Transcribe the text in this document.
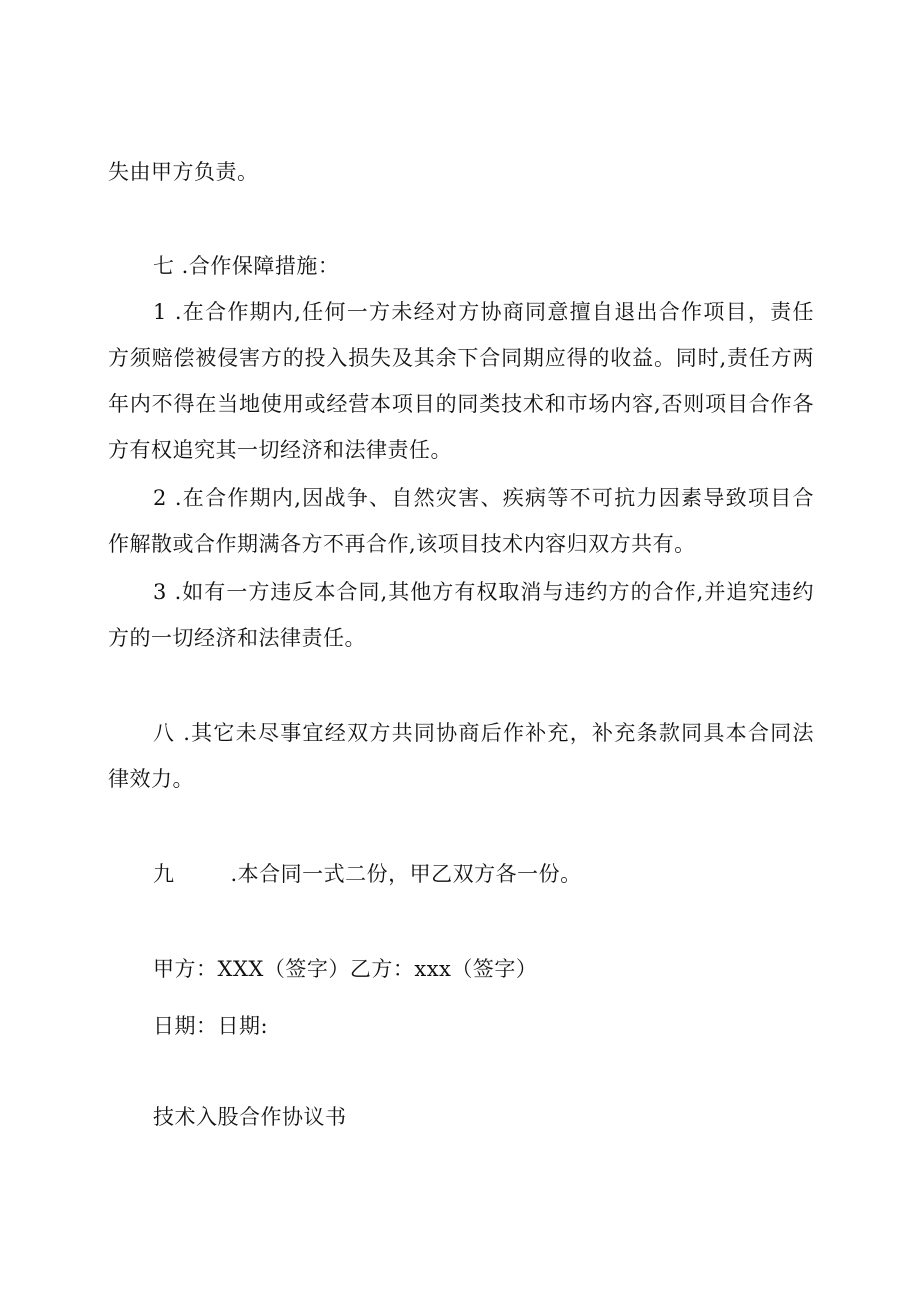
失由甲方负责。
七 .合作保障措施：
1 .在合作期内,任何一方未经对方协商同意擅自退出合作项目，责任
方须赔偿被侵害方的投入损失及其余下合同期应得的收益。同时,责任方两
年内不得在当地使用或经营本项目的同类技术和市场内容,否则项目合作各
方有权追究其一切经济和法律责任。
2 .在合作期内,因战争、自然灾害、疾病等不可抗力因素导致项目合
作解散或合作期满各方不再合作,该项目技术内容归双方共有。
3 .如有一方违反本合同,其他方有权取消与违约方的合作,并追究违约
方的一切经济和法律责任。
八 .其它未尽事宜经双方共同协商后作补充，补充条款同具本合同法
律效力。
九	.本合同一式二份，甲乙双方各一份。
甲方：XXX（签字）乙方：xxx（签字）
日期：日期:
技术入股合作协议书
